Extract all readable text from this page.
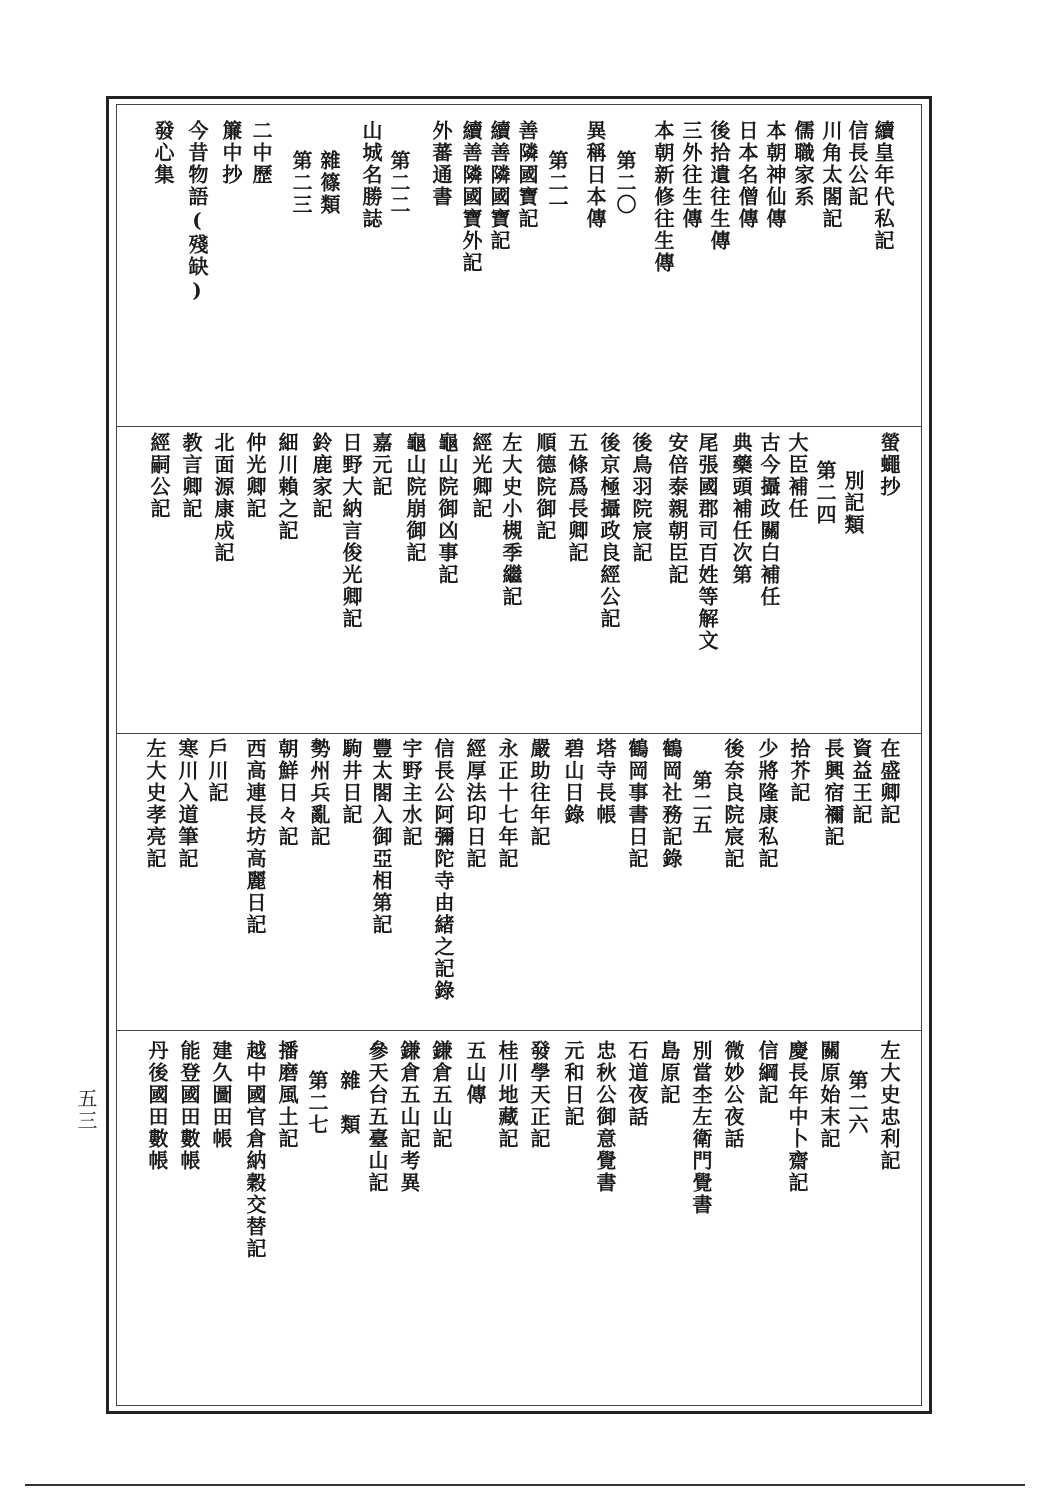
續皇年代私記
信長公記
川角太閤記
儒職家系
本朝神仙傳
日本名僧傳
後拾遺往生傳
三外往生傳
本朝新修往生傳
第二〇
異稱日本傳
第二一
善隣國寶記
續善隣國寶記
續善隣國寶外記
外蕃通書
第二二
山城名勝誌
雜篠類
第二三
二中歷
簾中抄
今昔物語(殘缺)
發心集
螢蠅抄
別記類
第二四
大臣補任
古今攝政關白補任
典藥頭補任次第
尾張國郡司百姓等解文
安倍泰親朝臣記
後鳥羽院宸記
後京極攝政良經公記
五條爲長卿記
順德院御記
左大史小槻季繼記
經光卿記
龜山院御凶事記
龜山院崩御記
嘉元記
日野大納言俊光卿記
鈴鹿家記
細川賴之記
仲光卿記
北面源康成記
教言卿記
經嗣公記
在盛卿記
資益王記
長興宿禰記
拾芥記
少將隆康私記
後奈良院宸記
第二五
鶴岡社務記錄
鶴岡事書日記
塔寺長帳
碧山日錄
嚴助往年記
永正十七年記
經厚法印日記
信長公阿彌陀寺由緒之記錄
宇野主水記
豐太閤入御亞相第記
駒井日記
勢州兵亂記
朝鮮日々記
西高連長坊高麗日記
戶川記
寒川入道筆記
左大史孝亮記
左大史忠利記
第二六
關原始末記
慶長年中卜齋記
信綱記
微妙公夜話
別當杢左衛門覺書
島原記
石道夜話
忠秋公御意覺書
元和日記
發學天正記
桂川地藏記
五山傳
鎌倉五山記
鎌倉五山記考異
參天台五臺山記
雜　類
第二七
播磨風土記
越中國官倉納穀交替記
建久圖田帳
能登國田數帳
丹後國田數帳
五三
